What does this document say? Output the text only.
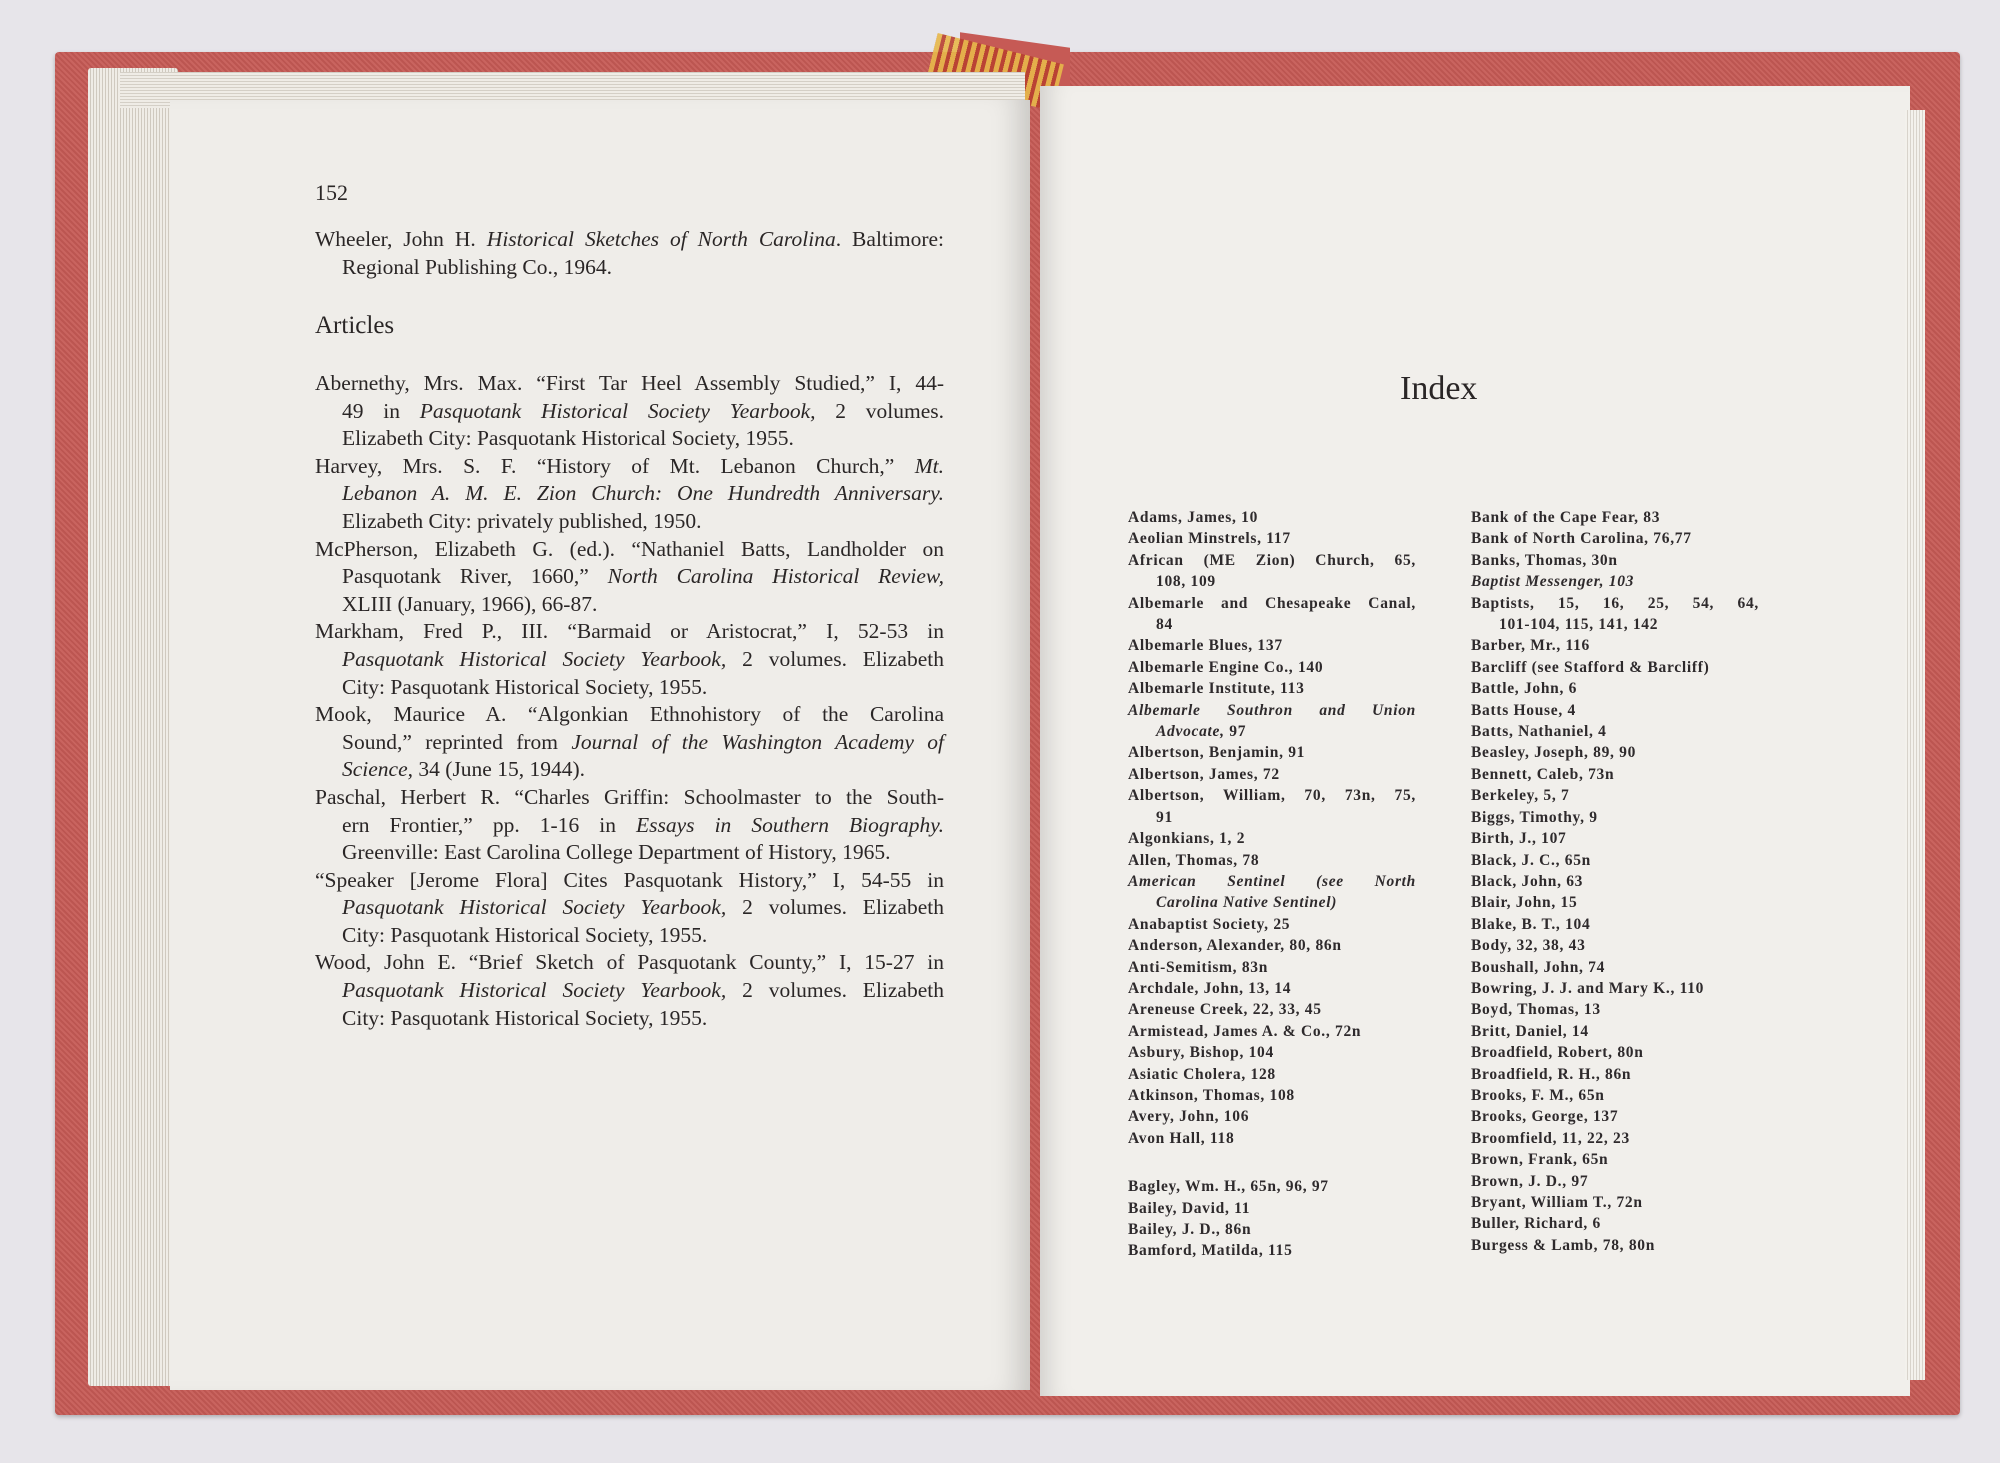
152
Wheeler, John H. Historical Sketches of North Carolina. Baltimore:
Regional Publishing Co., 1964.
Articles
Abernethy, Mrs. Max. “First Tar Heel Assembly Studied,” I, 44-
49 in Pasquotank Historical Society Yearbook, 2 volumes.
Elizabeth City: Pasquotank Historical Society, 1955.
Harvey, Mrs. S. F. “History of Mt. Lebanon Church,” Mt.
Lebanon A. M. E. Zion Church: One Hundredth Anniversary.
Elizabeth City: privately published, 1950.
McPherson, Elizabeth G. (ed.). “Nathaniel Batts, Landholder on
Pasquotank River, 1660,” North Carolina Historical Review,
XLIII (January, 1966), 66-87.
Markham, Fred P., III. “Barmaid or Aristocrat,” I, 52-53 in
Pasquotank Historical Society Yearbook, 2 volumes. Elizabeth
City: Pasquotank Historical Society, 1955.
Mook, Maurice A. “Algonkian Ethnohistory of the Carolina
Sound,” reprinted from Journal of the Washington Academy of
Science, 34 (June 15, 1944).
Paschal, Herbert R. “Charles Griffin: Schoolmaster to the South-
ern Frontier,” pp. 1-16 in Essays in Southern Biography.
Greenville: East Carolina College Department of History, 1965.
“Speaker [Jerome Flora] Cites Pasquotank History,” I, 54-55 in
Pasquotank Historical Society Yearbook, 2 volumes. Elizabeth
City: Pasquotank Historical Society, 1955.
Wood, John E. “Brief Sketch of Pasquotank County,” I, 15-27 in
Pasquotank Historical Society Yearbook, 2 volumes. Elizabeth
City: Pasquotank Historical Society, 1955.
Index
Adams, James, 10
Aeolian Minstrels, 117
African (ME Zion) Church, 65,
108, 109
Albemarle and Chesapeake Canal,
84
Albemarle Blues, 137
Albemarle Engine Co., 140
Albemarle Institute, 113
Albemarle Southron and Union
Advocate, 97
Albertson, Benjamin, 91
Albertson, James, 72
Albertson, William, 70, 73n, 75,
91
Algonkians, 1, 2
Allen, Thomas, 78
American Sentinel (see North
Carolina Native Sentinel)
Anabaptist Society, 25
Anderson, Alexander, 80, 86n
Anti-Semitism, 83n
Archdale, John, 13, 14
Areneuse Creek, 22, 33, 45
Armistead, James A. & Co., 72n
Asbury, Bishop, 104
Asiatic Cholera, 128
Atkinson, Thomas, 108
Avery, John, 106
Avon Hall, 118
Bagley, Wm. H., 65n, 96, 97
Bailey, David, 11
Bailey, J. D., 86n
Bamford, Matilda, 115
Bank of the Cape Fear, 83
Bank of North Carolina, 76,77
Banks, Thomas, 30n
Baptist Messenger, 103
Baptists, 15, 16, 25, 54, 64,
101-104, 115, 141, 142
Barber, Mr., 116
Barcliff (see Stafford & Barcliff)
Battle, John, 6
Batts House, 4
Batts, Nathaniel, 4
Beasley, Joseph, 89, 90
Bennett, Caleb, 73n
Berkeley, 5, 7
Biggs, Timothy, 9
Birth, J., 107
Black, J. C., 65n
Black, John, 63
Blair, John, 15
Blake, B. T., 104
Body, 32, 38, 43
Boushall, John, 74
Bowring, J. J. and Mary K., 110
Boyd, Thomas, 13
Britt, Daniel, 14
Broadfield, Robert, 80n
Broadfield, R. H., 86n
Brooks, F. M., 65n
Brooks, George, 137
Broomfield, 11, 22, 23
Brown, Frank, 65n
Brown, J. D., 97
Bryant, William T., 72n
Buller, Richard, 6
Burgess & Lamb, 78, 80n
